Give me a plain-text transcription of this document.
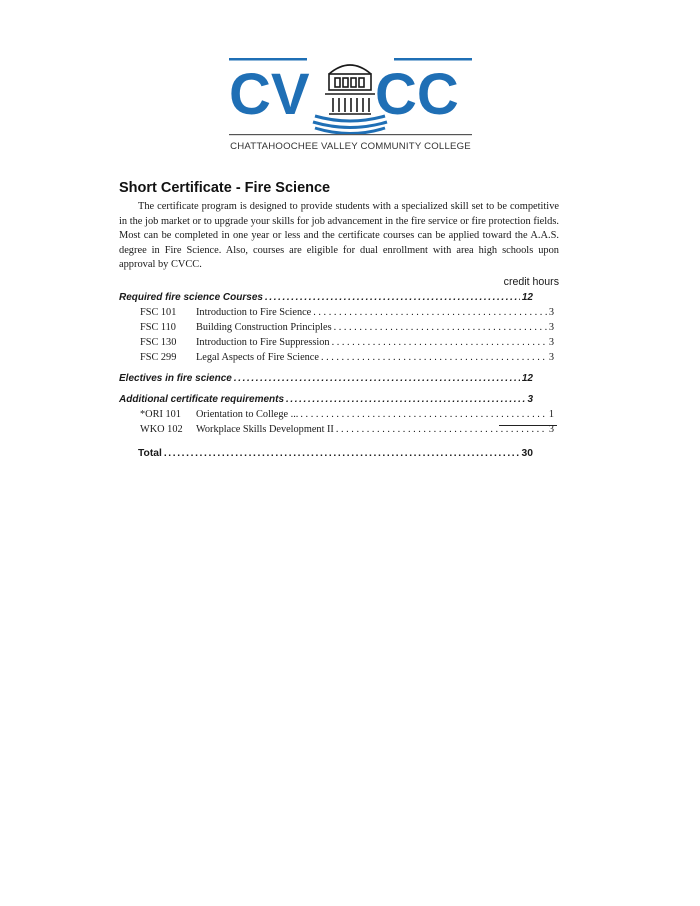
CV CC
CHATTAHOOCHEE VALLEY COMMUNITY COLLEGE
Short Certificate - Fire Science

The certificate program is designed to provide students with a specialized skill set to be competitive in the job market or to upgrade your skills for job advancement in the fire service or fire protection fields. Most can be completed in one year or less and the certificate courses can be applied toward the A.A.S. degree in Fire Science. Also, courses are eligible for dual enrollment with area high schools upon approval by CVCC.

credit hours
Required fire science Courses .....	12
FSC 101	Introduction to Fire Science . . .	3
FSC 110	Building Construction Principles . . .	3
FSC 130	Introduction to Fire Suppression . . .	3
FSC 299	Legal Aspects of Fire Science . . .	3
Electives in fire science .....	12
Additional certificate requirements .....	3
*ORI 101	Orientation to College ... . . .	1
WKO 102	Workplace Skills Development II . . .	3
Total .....	30
